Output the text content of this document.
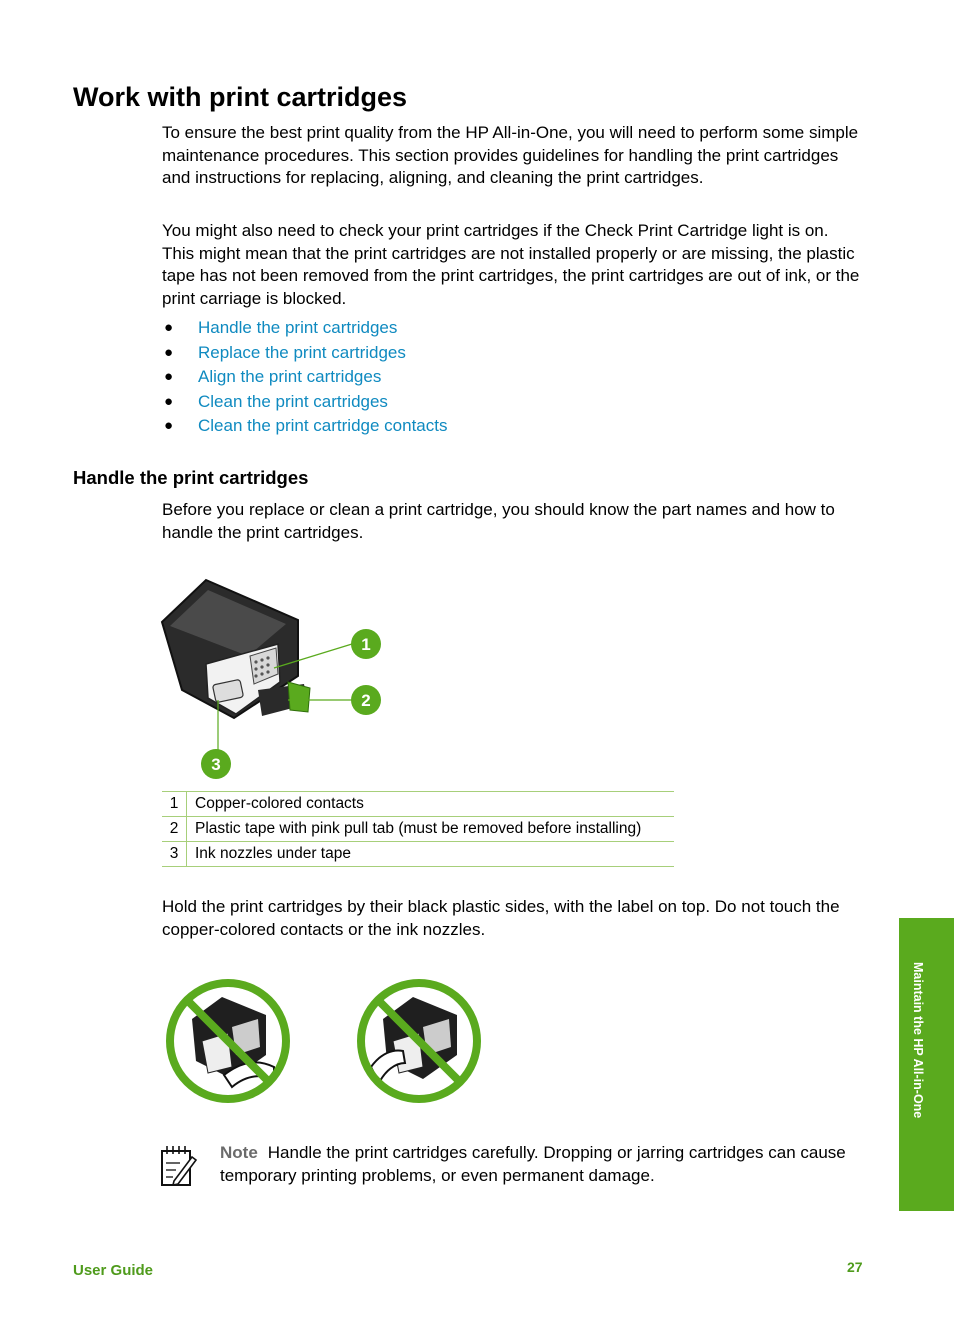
Work with print cartridges

To ensure the best print quality from the HP All-in-One, you will need to perform some simple maintenance procedures. This section provides guidelines for handling the print cartridges and instructions for replacing, aligning, and cleaning the print cartridges.

You might also need to check your print cartridges if the Check Print Cartridge light is on. This might mean that the print cartridges are not installed properly or are missing, the plastic tape has not been removed from the print cartridges, the print cartridges are out of ink, or the print carriage is blocked.

● Handle the print cartridges
● Replace the print cartridges
● Align the print cartridges
● Clean the print cartridges
● Clean the print cartridge contacts
Handle the print cartridges

Before you replace or clean a print cartridge, you should know the part names and how to handle the print cartridges.

1
2
3
1	Copper-colored contacts
2	Plastic tape with pink pull tab (must be removed before installing)
3	Ink nozzles under tape

Hold the print cartridges by their black plastic sides, with the label on top. Do not touch the copper-colored contacts or the ink nozzles.

Note Handle the print cartridges carefully. Dropping or jarring cartridges can cause temporary printing problems, or even permanent damage.

Maintain the HP All-in-One
User Guide	27
